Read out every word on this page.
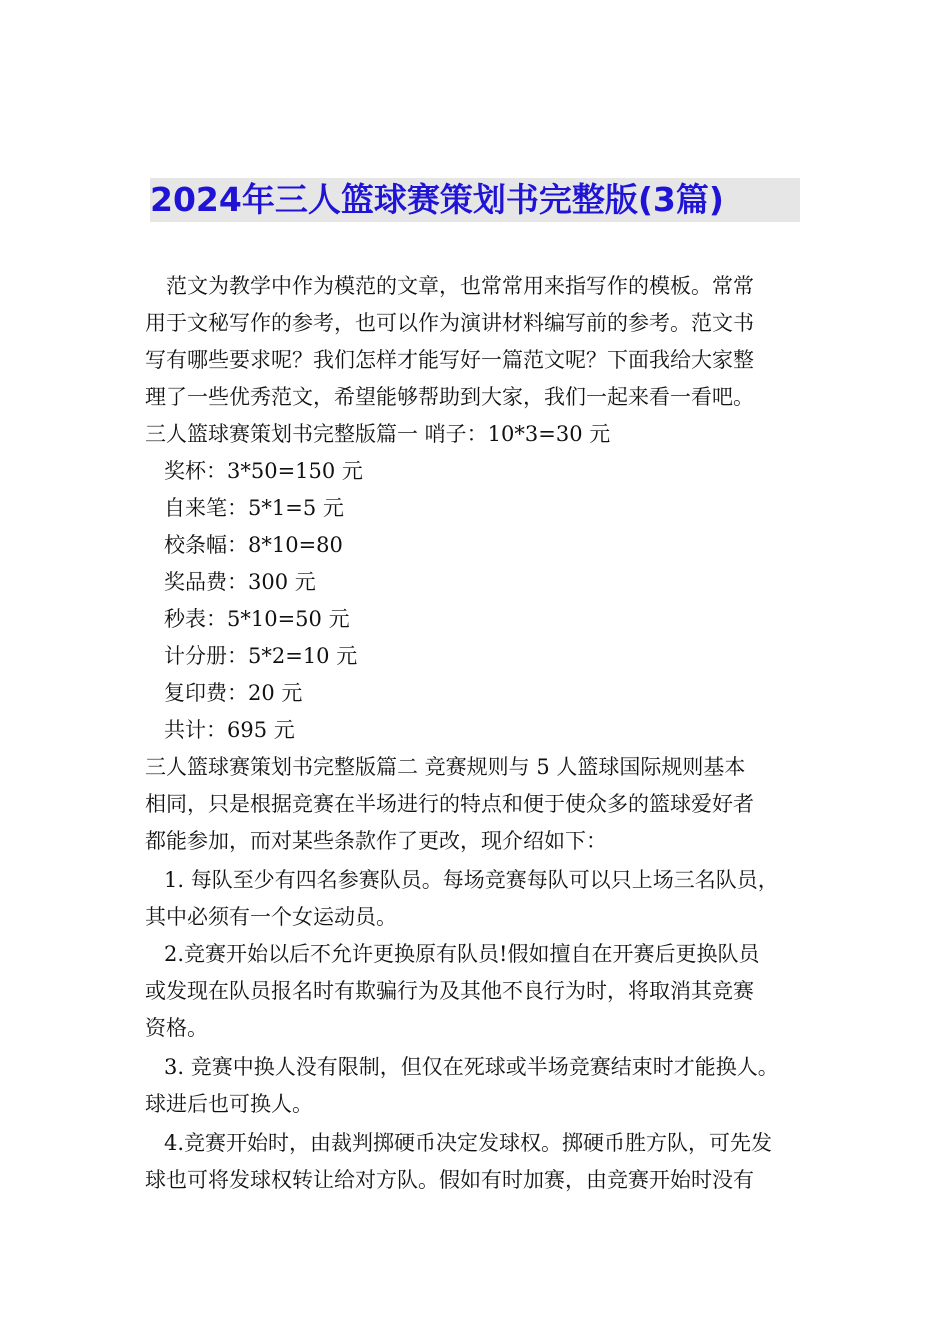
2024年三人篮球赛策划书完整版(3篇)
范文为教学中作为模范的文章，也常常用来指写作的模板。常常
用于文秘写作的参考，也可以作为演讲材料编写前的参考。范文书
写有哪些要求呢？我们怎样才能写好一篇范文呢？下面我给大家整
理了一些优秀范文，希望能够帮助到大家，我们一起来看一看吧。
三人篮球赛策划书完整版篇一 哨子：10*3=30 元
奖杯：3*50=150 元
自来笔：5*1=5 元
校条幅：8*10=80
奖品费：300 元
秒表：5*10=50 元
计分册：5*2=10 元
复印费：20 元
共计：695 元
三人篮球赛策划书完整版篇二 竞赛规则与 5 人篮球国际规则基本
相同，只是根据竞赛在半场进行的特点和便于使众多的篮球爱好者
都能参加，而对某些条款作了更改，现介绍如下：
1. 每队至少有四名参赛队员。每场竞赛每队可以只上场三名队员，
其中必须有一个女运动员。
2.竞赛开始以后不允许更换原有队员!假如擅自在开赛后更换队员
或发现在队员报名时有欺骗行为及其他不良行为时，将取消其竞赛
资格。
3. 竞赛中换人没有限制，但仅在死球或半场竞赛结束时才能换人。
球进后也可换人。
4.竞赛开始时，由裁判掷硬币决定发球权。掷硬币胜方队，可先发
球也可将发球权转让给对方队。假如有时加赛，由竞赛开始时没有
